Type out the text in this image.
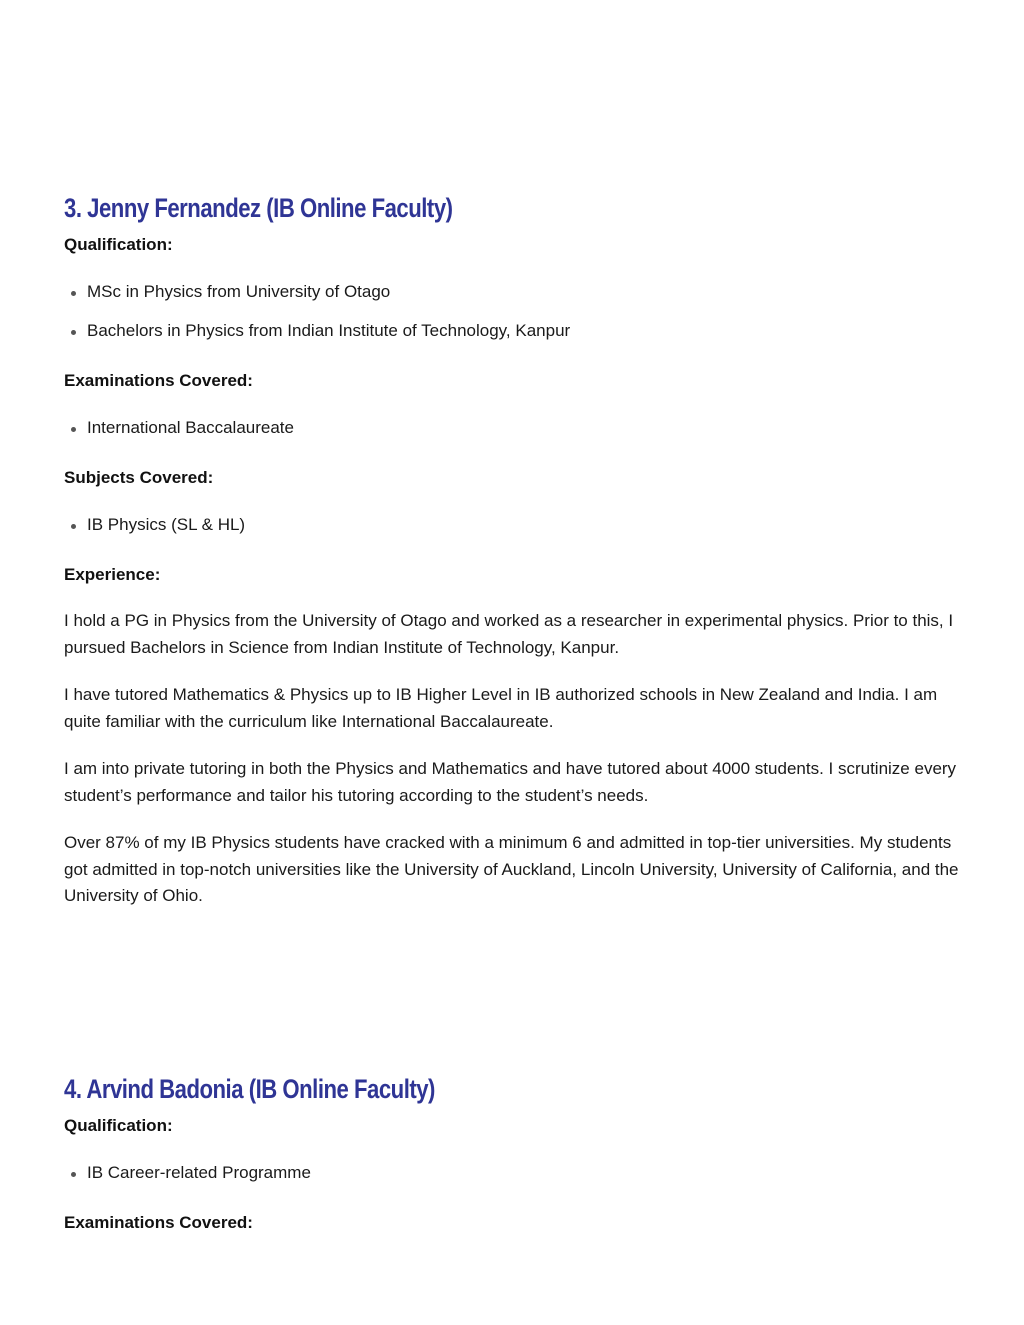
3. Jenny Fernandez (IB Online Faculty)
Qualification:
MSc in Physics from University of Otago
Bachelors in Physics from Indian Institute of Technology, Kanpur
Examinations Covered:
International Baccalaureate
Subjects Covered:
IB Physics (SL & HL)
Experience:

I hold a PG in Physics from the University of Otago and worked as a researcher in experimental physics. Prior to this, I pursued Bachelors in Science from Indian Institute of Technology, Kanpur.

I have tutored Mathematics & Physics up to IB Higher Level in IB authorized schools in New Zealand and India. I am quite familiar with the curriculum like International Baccalaureate.

I am into private tutoring in both the Physics and Mathematics and have tutored about 4000 students. I scrutinize every student’s performance and tailor his tutoring according to the student’s needs.

Over 87% of my IB Physics students have cracked with a minimum 6 and admitted in top-tier universities. My students got admitted in top-notch universities like the University of Auckland, Lincoln University, University of California, and the University of Ohio.

4. Arvind Badonia (IB Online Faculty)
Qualification:
IB Career-related Programme
Examinations Covered:
